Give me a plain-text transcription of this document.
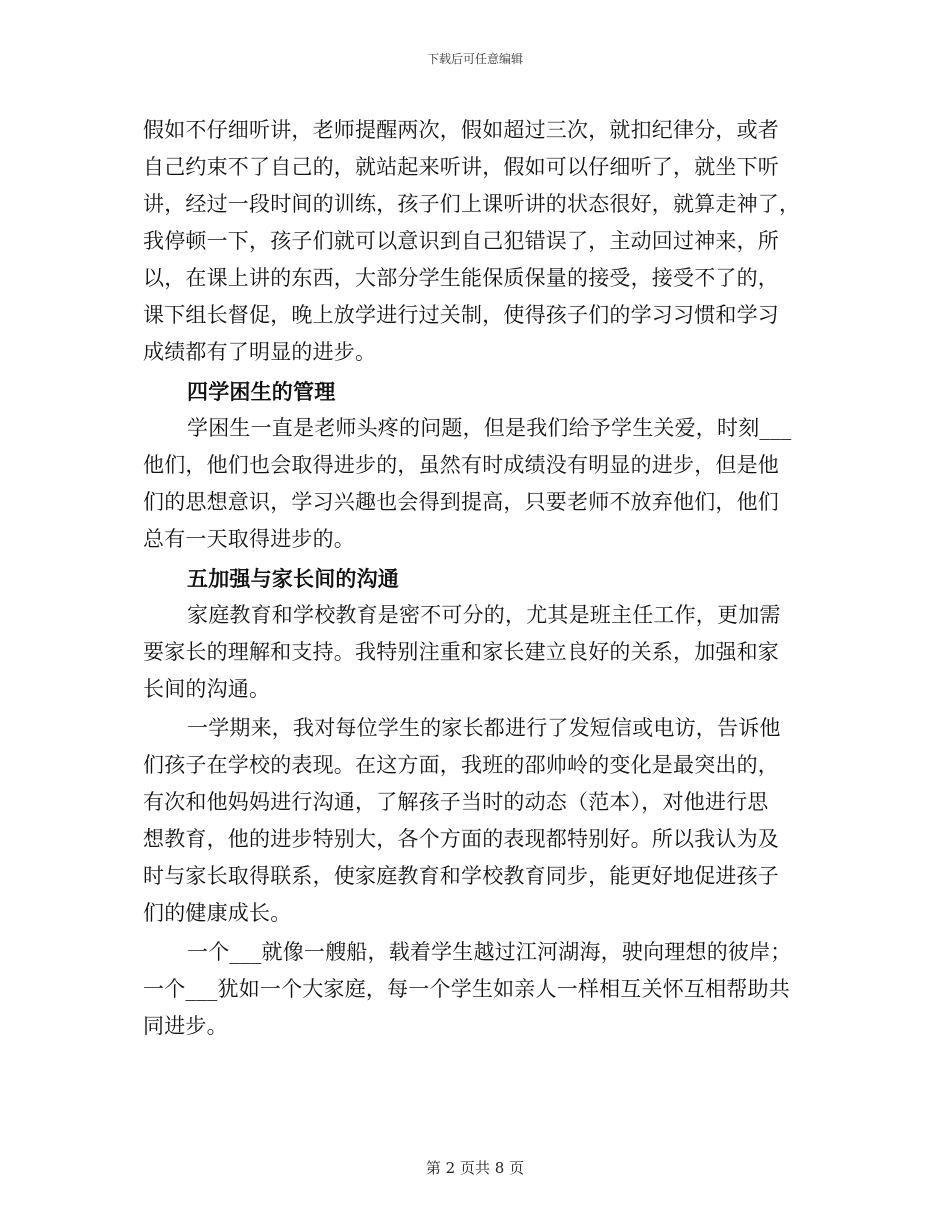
下载后可任意编辑
假如不仔细听讲，老师提醒两次，假如超过三次，就扣纪律分，或者
自己约束不了自己的，就站起来听讲，假如可以仔细听了，就坐下听
讲，经过一段时间的训练，孩子们上课听讲的状态很好，就算走神了，
我停顿一下，孩子们就可以意识到自己犯错误了，主动回过神来，所
以，在课上讲的东西，大部分学生能保质保量的接受，接受不了的，
课下组长督促，晚上放学进行过关制，使得孩子们的学习习惯和学习
成绩都有了明显的进步。
四学困生的管理
学困生一直是老师头疼的问题，但是我们给予学生关爱，时刻___
他们，他们也会取得进步的，虽然有时成绩没有明显的进步，但是他
们的思想意识，学习兴趣也会得到提高，只要老师不放弃他们，他们
总有一天取得进步的。
五加强与家长间的沟通
家庭教育和学校教育是密不可分的，尤其是班主任工作，更加需
要家长的理解和支持。我特别注重和家长建立良好的关系，加强和家
长间的沟通。
一学期来，我对每位学生的家长都进行了发短信或电访，告诉他
们孩子在学校的表现。在这方面，我班的邵帅岭的变化是最突出的，
有次和他妈妈进行沟通，了解孩子当时的动态（范本），对他进行思
想教育，他的进步特别大，各个方面的表现都特别好。所以我认为及
时与家长取得联系，使家庭教育和学校教育同步，能更好地促进孩子
们的健康成长。
一个___就像一艘船，载着学生越过江河湖海，驶向理想的彼岸；
一个___犹如一个大家庭，每一个学生如亲人一样相互关怀互相帮助共
同进步。
第 2 页共 8 页
